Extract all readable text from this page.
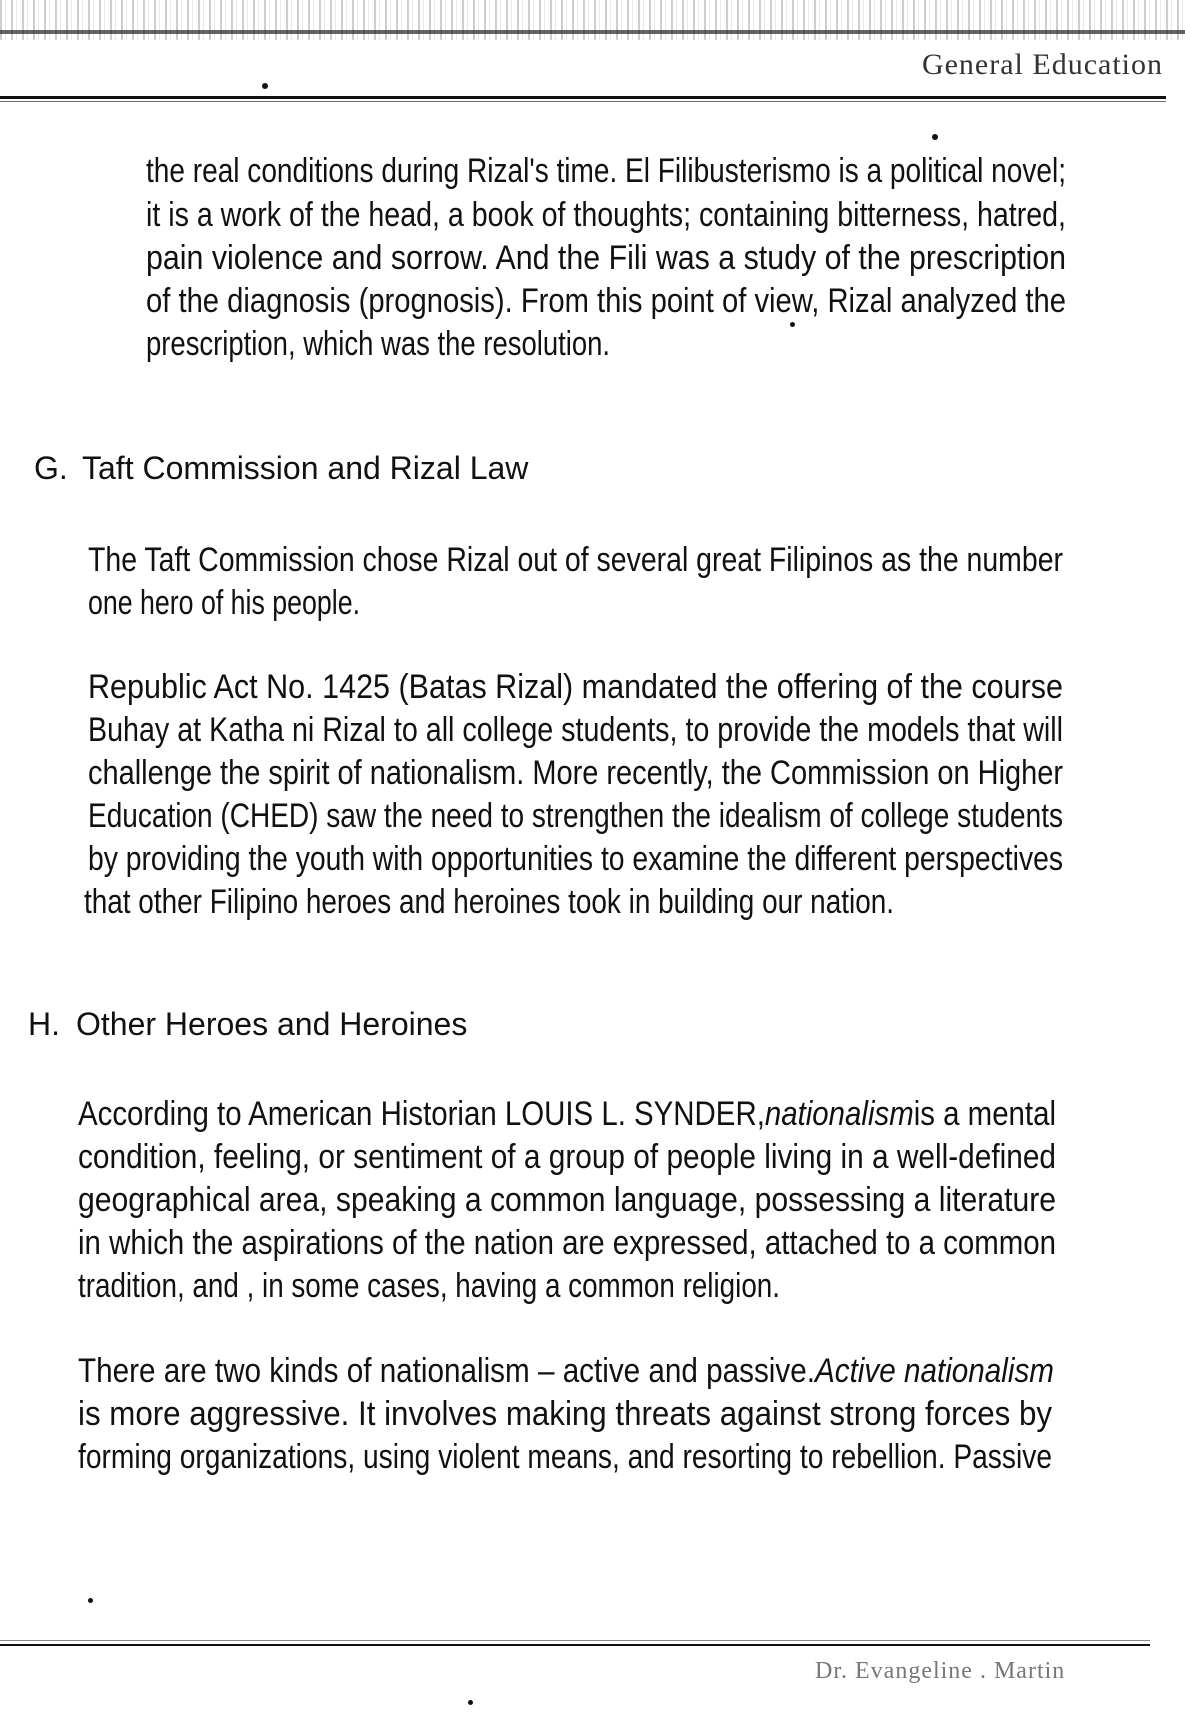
General Education
the real conditions during Rizal's time. El Filibusterismo is a political novel;
it is a work of the head, a book of thoughts; containing bitterness, hatred,
pain violence and sorrow. And the Fili was a study of the prescription
of the diagnosis (prognosis). From this point of view, Rizal analyzed the
prescription, which was the resolution.
G. Taft Commission and Rizal Law
The Taft Commission chose Rizal out of several great Filipinos as the number
one hero of his people.
Republic Act No. 1425 (Batas Rizal) mandated the offering of the course
Buhay at Katha ni Rizal to all college students, to provide the models that will
challenge the spirit of nationalism. More recently, the Commission on Higher
Education (CHED) saw the need to strengthen the idealism of college students
by providing the youth with opportunities to examine the different perspectives
that other Filipino heroes and heroines took in building our nation.
H. Other Heroes and Heroines
According to American Historian LOUIS L. SYNDER,nationalismis a mental
condition, feeling, or sentiment of a group of people living in a well-defined
geographical area, speaking a common language, possessing a literature
in which the aspirations of the nation are expressed, attached to a common
tradition, and , in some cases, having a common religion.
There are two kinds of nationalism – active and passive.Active nationalism
is more aggressive. It involves making threats against strong forces by
forming organizations, using violent means, and resorting to rebellion. Passive
Dr. Evangeline . Martin
